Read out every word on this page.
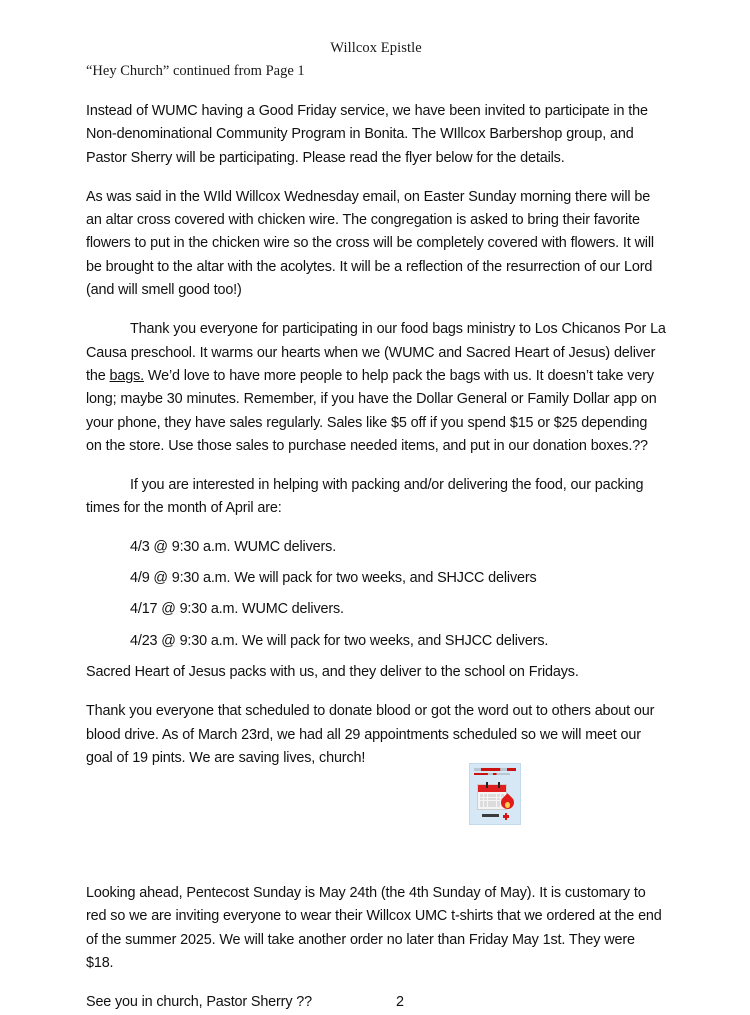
Willcox Epistle
“Hey Church” continued from Page 1

Instead of WUMC having a Good Friday service, we have been invited to participate in the Non-denominational Community Program in Bonita. The WIllcox Barbershop group, and Pastor Sherry will be participating. Please read the flyer below for the details.

As was said in the WIld Willcox Wednesday email, on Easter Sunday morning there will be an altar cross covered with chicken wire. The congregation is asked to bring their favorite flowers to put in the chicken wire so the cross will be completely covered with flowers. It will be brought to the altar with the acolytes. It will be a reflection of the resurrection of our Lord (and will smell good too!)

Thank you everyone for participating in our food bags ministry to Los Chicanos Por La Causa preschool. It warms our hearts when we (WUMC and Sacred Heart of Jesus) deliver the bags. We’d love to have more people to help pack the bags with us. It doesn’t take very long; maybe 30 minutes. Remember, if you have the Dollar General or Family Dollar app on your phone, they have sales regularly. Sales like $5 off if you spend $15 or $25 depending on the store. Use those sales to purchase needed items, and put in our donation boxes.??

If you are interested in helping with packing and/or delivering the food, our packing times for the month of April are:

4/3 @ 9:30 a.m. WUMC delivers.

4/9 @ 9:30 a.m. We will pack for two weeks, and SHJCC delivers

4/17 @ 9:30 a.m. WUMC delivers.

4/23 @ 9:30 a.m. We will pack for two weeks, and SHJCC delivers.

Sacred Heart of Jesus packs with us, and they deliver to the school on Fridays.

Thank you everyone that scheduled to donate blood or got the word out to others about our blood drive. As of March 23rd, we had all 29 appointments scheduled so we will meet our goal of 19 pints. We are saving lives, church!

Looking ahead, Pentecost Sunday is May 24th (the 4th Sunday of May). It is customary to red so we are inviting everyone to wear their Willcox UMC t-shirts that we ordered at the end of the summer 2025. We will take another order no later than Friday May 1st. They were $18.

See you in church, Pastor Sherry ??	2
